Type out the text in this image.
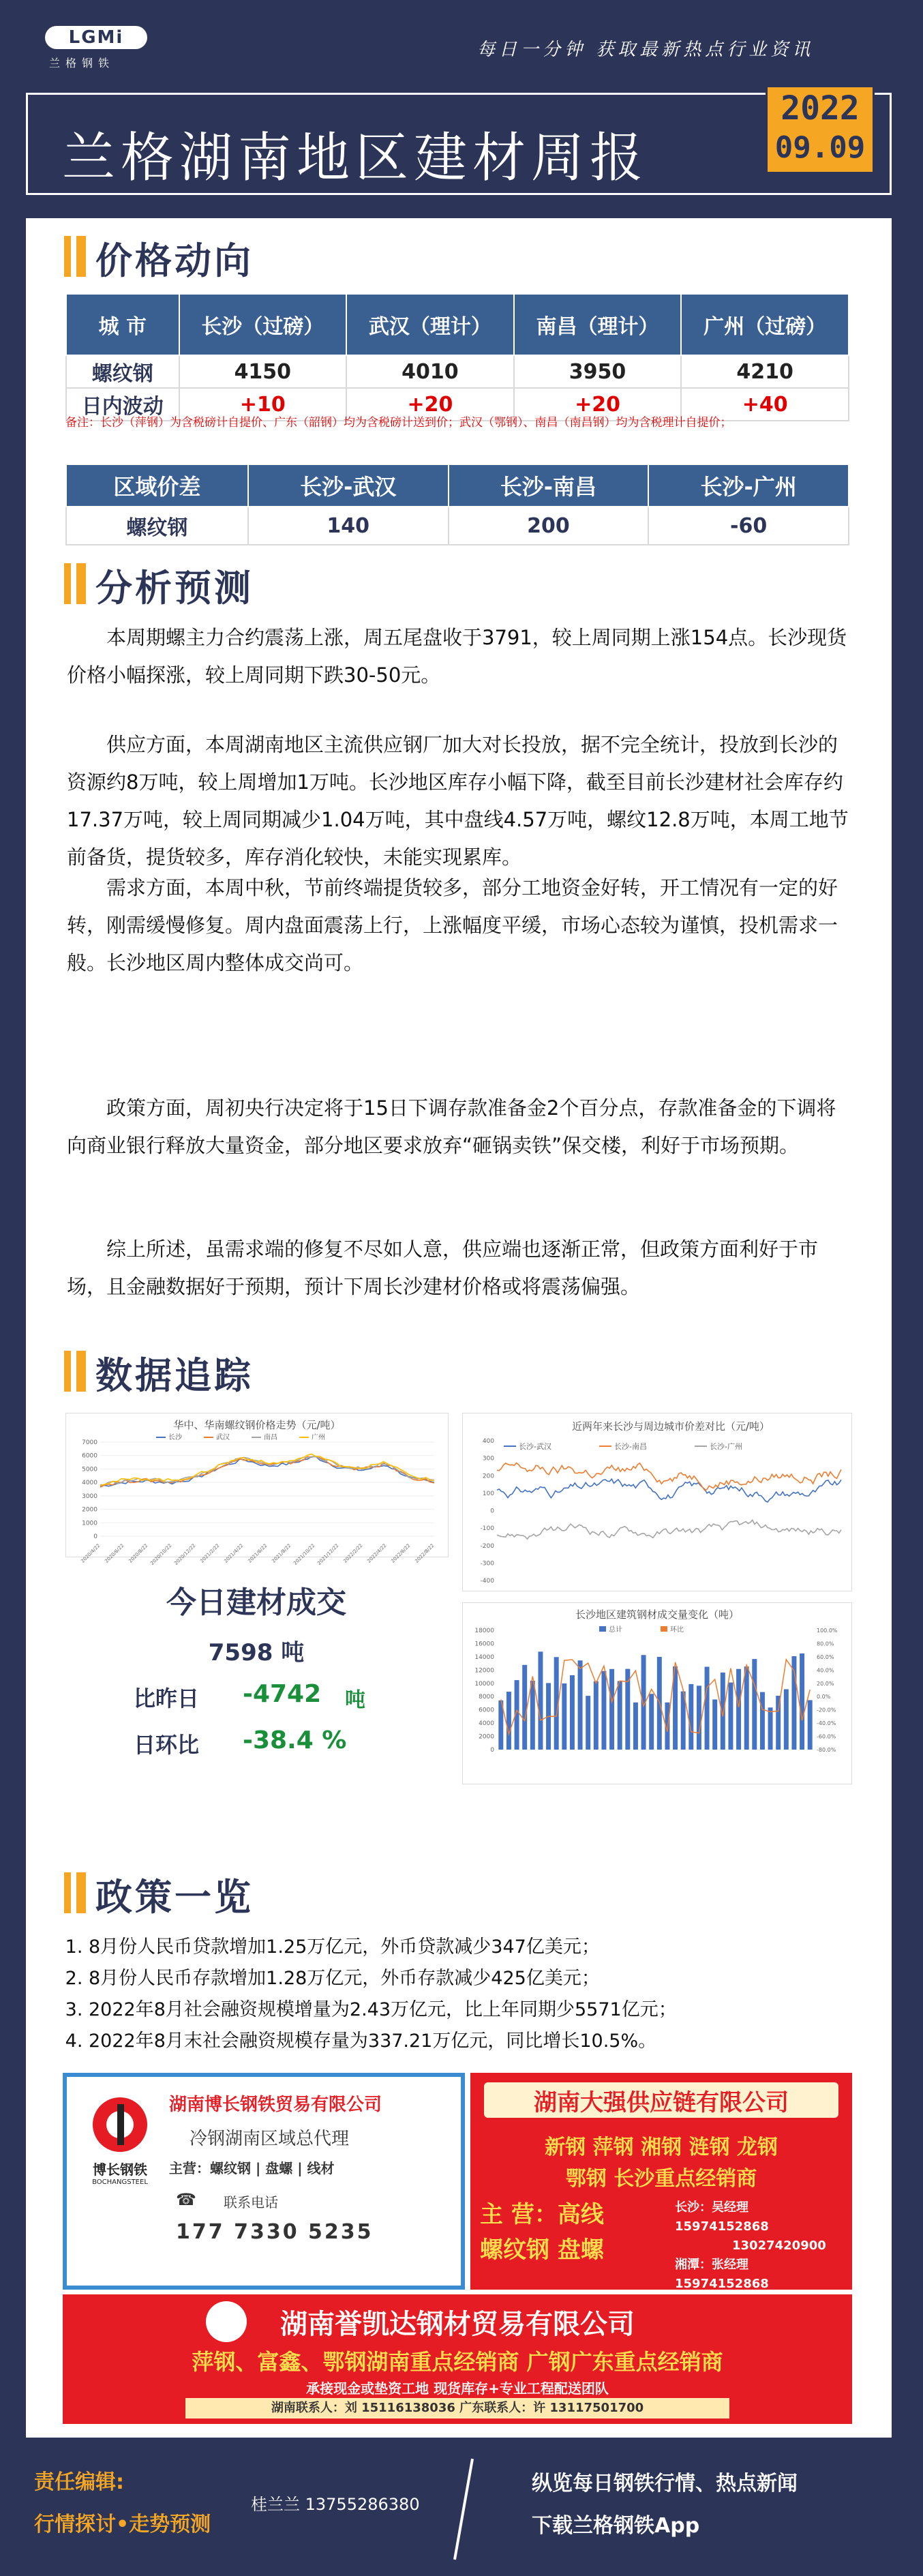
LGMi
兰格钢铁
每日一分钟 获取最新热点行业资讯
兰格湖南地区建材周报
2022
09.09
价格动向
城 市	长沙（过磅）	武汉（理计）	南昌（理计）	广州（过磅）
螺纹钢	4150	4010	3950	4210
日内波动	+10	+20	+20	+40
备注：长沙（萍钢）为含税磅计自提价、广东（韶钢）均为含税磅计送到价；武汉（鄂钢）、南昌（南昌钢）均为含税理计自提价；
区域价差	长沙-武汉	长沙-南昌	长沙-广州
螺纹钢	140	200	-60
分析预测

本周期螺主力合约震荡上涨，周五尾盘收于3791，较上周同期上涨154点。长沙现货价格小幅探涨，较上周同期下跌30-50元。

供应方面，本周湖南地区主流供应钢厂加大对长投放，据不完全统计，投放到长沙的资源约8万吨，较上周增加1万吨。长沙地区库存小幅下降，截至目前长沙建材社会库存约17.37万吨，较上周同期减少1.04万吨，其中盘线4.57万吨，螺纹12.8万吨，本周工地节前备货，提货较多，库存消化较快，未能实现累库。

需求方面，本周中秋，节前终端提货较多，部分工地资金好转，开工情况有一定的好转，刚需缓慢修复。周内盘面震荡上行，上涨幅度平缓，市场心态较为谨慎，投机需求一般。长沙地区周内整体成交尚可。

政策方面，周初央行决定将于15日下调存款准备金2个百分点，存款准备金的下调将向商业银行释放大量资金，部分地区要求放弃“砸锅卖铁”保交楼，利好于市场预期。

综上所述，虽需求端的修复不尽如人意，供应端也逐渐正常，但政策方面利好于市场，且金融数据好于预期，预计下周长沙建材价格或将震荡偏强。

数据追踪
华中、华南螺纹钢价格走势（元/吨）
长沙	武汉	南昌	广州
0
1000
2000
3000
4000
5000
6000
7000
2020/4/22 2020/6/22 2020/8/22 2020/10/22 2020/12/22 2021/2/22 2021/4/22 2021/6/22 2021/8/22 2021/10/22 2021/12/22 2022/2/22 2022/4/22 2022/6/22 2022/8/22
近两年来长沙与周边城市价差对比（元/吨）
长沙-武汉	长沙-南昌	长沙-广州
-400
-300
-200
-100
0
100
200
300
400
今日建材成交
7598 吨
比昨日 -4742 吨
日环比 -38.4 %
长沙地区建筑钢材成交量变化（吨）
总计	环比
0
2000
4000
6000
8000
10000
12000
14000
16000
18000
-80.0%
-60.0%
-40.0%
-20.0%
0.0%
20.0%
40.0%
60.0%
80.0%
100.0%
政策一览
1. 8月份人民币贷款增加1.25万亿元，外币贷款减少347亿美元；
2. 8月份人民币存款增加1.28万亿元，外币存款减少425亿美元；
3. 2022年8月社会融资规模增量为2.43万亿元，比上年同期少5571亿元；
4. 2022年8月末社会融资规模存量为337.21万亿元，同比增长10.5%。
博长钢铁
BOCHANGSTEEL
湖南博长钢铁贸易有限公司
冷钢湖南区域总代理
主营：螺纹钢 | 盘螺 | 线材
☎ 联系电话
177 7330 5235
湖南大强供应链有限公司
新钢 萍钢 湘钢 涟钢 龙钢
鄂钢 长沙重点经销商
主 营：高线
螺纹钢 盘螺
长沙：吴经理 15974152868
13027420900
湘潭：张经理 15974152868
湖南誉凯达钢材贸易有限公司
萍钢、富鑫、鄂钢湖南重点经销商 广钢广东重点经销商
承接现金或垫资工地 现货库存+专业工程配送团队
湖南联系人：刘 15116138036 广东联系人：许 13117501700
责任编辑:
行情探讨•走势预测
桂兰兰 13755286380
纵览每日钢铁行情、热点新闻
下载兰格钢铁App
